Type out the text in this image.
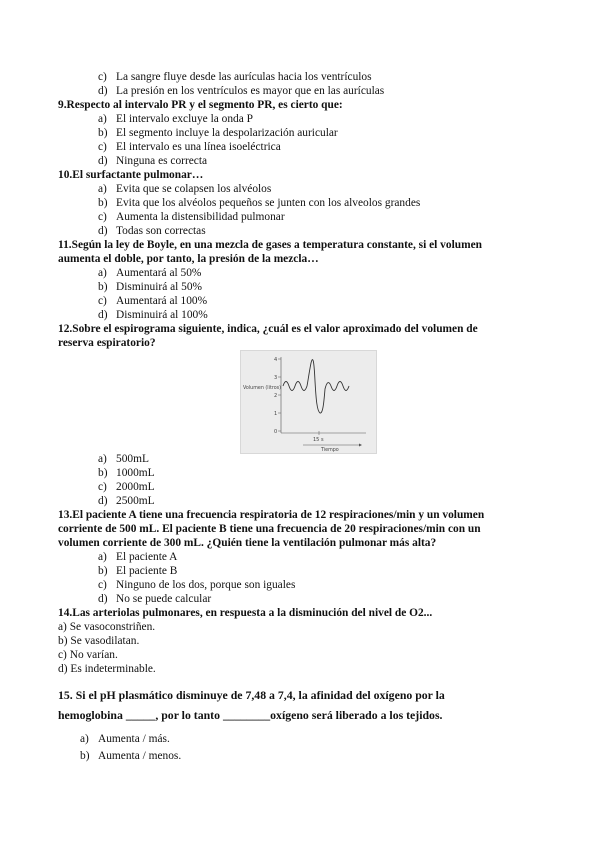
c) La sangre fluye desde las aurículas hacia los ventrículos
d) La presión en los ventrículos es mayor que en las aurículas
9.Respecto al intervalo PR y el segmento PR, es cierto que:
a) El intervalo excluye la onda P
b) El segmento incluye la despolarización auricular
c) El intervalo es una línea isoeléctrica
d) Ninguna es correcta
10.El surfactante pulmonar…
a) Evita que se colapsen los alvéolos
b) Evita que los alvéolos pequeños se junten con los alveolos grandes
c) Aumenta la distensibilidad pulmonar
d) Todas son correctas
11.Según la ley de Boyle, en una mezcla de gases a temperatura constante, si el volumen
aumenta el doble, por tanto, la presión de la mezcla…
a) Aumentará al 50%
b) Disminuirá al 50%
c) Aumentará al 100%
d) Disminuirá al 100%
12.Sobre el espirograma siguiente, indica, ¿cuál es el valor aproximado del volumen de
reserva espiratorio?
4
3
2
1
0
Volumen (litros)
15 s
Tiempo
a) 500mL
b) 1000mL
c) 2000mL
d) 2500mL
13.El paciente A tiene una frecuencia respiratoria de 12 respiraciones/min y un volumen
corriente de 500 mL. El paciente B tiene una frecuencia de 20 respiraciones/min con un
volumen corriente de 300 mL. ¿Quién tiene la ventilación pulmonar más alta?
a) El paciente A
b) El paciente B
c) Ninguno de los dos, porque son iguales
d) No se puede calcular
14.Las arteriolas pulmonares, en respuesta a la disminución del nivel de O2...
a) Se vasoconstriñen.
b) Se vasodilatan.
c) No varían.
d) Es indeterminable.
15. Si el pH plasmático disminuye de 7,48 a 7,4, la afinidad del oxígeno por la
hemoglobina _____, por lo tanto ________oxígeno será liberado a los tejidos.
a) Aumenta / más.
b) Aumenta / menos.
